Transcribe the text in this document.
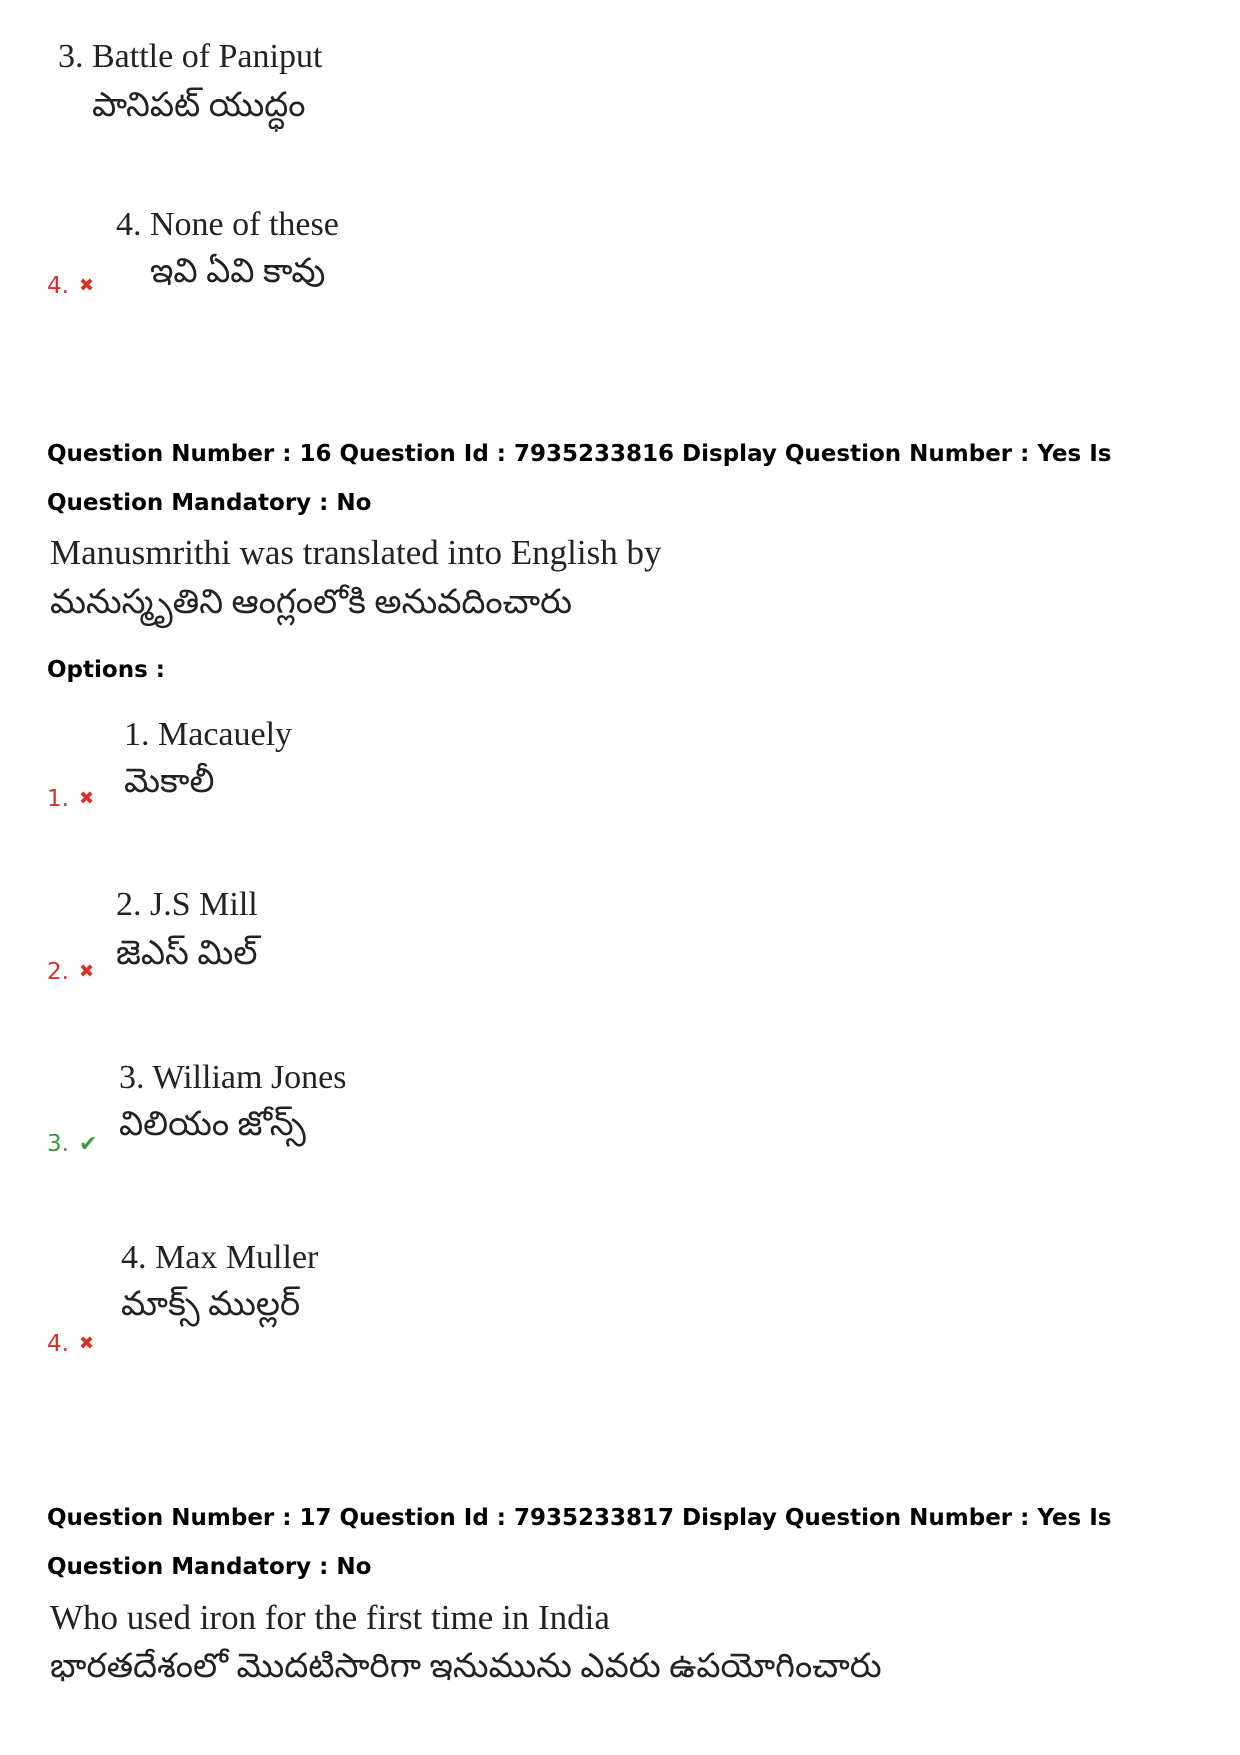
3. Battle of Paniput
పానిపట్ యుద్ధం
4. None of these
ఇవి ఏవి కావు
4. ✖
Question Number : 16 Question Id : 7935233816 Display Question Number : Yes Is Question Mandatory : No
Manusmrithi was translated into English by
మనుస్మృతిని ఆంగ్లంలోకి అనువదించారు
Options :
1. Macauely
మెకాలీ
1. ✖
2. J.S Mill
జెఎస్ మిల్
2. ✖
3. William Jones
విలియం జోన్స్
3. ✔
4. Max Muller
మాక్స్ ముల్లర్
4. ✖
Question Number : 17 Question Id : 7935233817 Display Question Number : Yes Is Question Mandatory : No
Who used iron for the first time in India
భారతదేశంలో మొదటిసారిగా ఇనుమును ఎవరు ఉపయోగించారు
